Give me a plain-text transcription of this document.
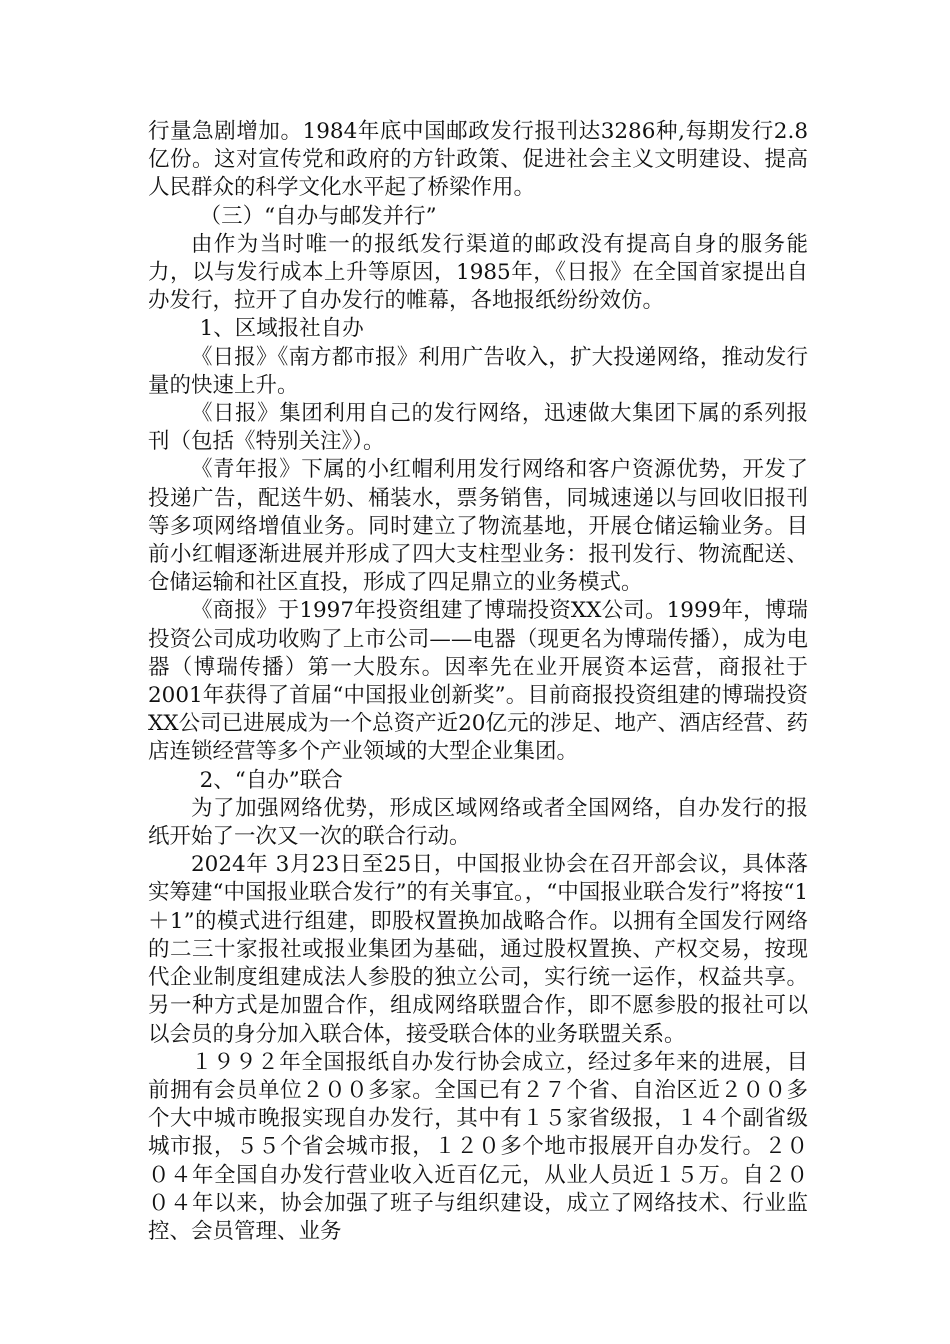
行量急剧增加。1984年底中国邮政发行报刊达3286种,每期发行2.8亿份。这对宣传党和政府的方针政策、促进社会主义文明建设、提高人民群众的科学文化水平起了桥梁作用。

（三）“自办与邮发并行”

由作为当时唯一的报纸发行渠道的邮政没有提高自身的服务能力，以与发行成本上升等原因，1985年，《日报》在全国首家提出自办发行，拉开了自办发行的帷幕，各地报纸纷纷效仿。

1、区域报社自办

《日报》《南方都市报》利用广告收入，扩大投递网络，推动发行量的快速上升。

《日报》集团利用自己的发行网络，迅速做大集团下属的系列报刊（包括《特别关注》）。

《青年报》下属的小红帽利用发行网络和客户资源优势，开发了投递广告，配送牛奶、桶装水，票务销售，同城速递以与回收旧报刊等多项网络增值业务。同时建立了物流基地，开展仓储运输业务。目前小红帽逐渐进展并形成了四大支柱型业务：报刊发行、物流配送、仓储运输和社区直投，形成了四足鼎立的业务模式。

《商报》于1997年投资组建了博瑞投资XX公司。1999年，博瑞投资公司成功收购了上市公司——电器（现更名为博瑞传播），成为电器（博瑞传播）第一大股东。因率先在业开展资本运营，商报社于2001年获得了首届“中国报业创新奖”。目前商报投资组建的博瑞投资XX公司已进展成为一个总资产近20亿元的涉足、地产、酒店经营、药店连锁经营等多个产业领域的大型企业集团。

2、“自办”联合

为了加强网络优势，形成区域网络或者全国网络，自办发行的报纸开始了一次又一次的联合行动。

2024年 3月23日至25日，中国报业协会在召开部会议，具体落实筹建“中国报业联合发行”的有关事宜。，“中国报业联合发行”将按“1＋1”的模式进行组建，即股权置换加战略合作。以拥有全国发行网络的二三十家报社或报业集团为基础，通过股权置换、产权交易，按现代企业制度组建成法人参股的独立公司，实行统一运作，权益共享。另一种方式是加盟合作，组成网络联盟合作，即不愿参股的报社可以以会员的身分加入联合体，接受联合体的业务联盟关系。

１９９２年全国报纸自办发行协会成立，经过多年来的进展，目前拥有会员单位２００多家。全国已有２７个省、自治区近２００多个大中城市晚报实现自办发行，其中有１５家省级报，１４个副省级城市报，５５个省会城市报，１２０多个地市报展开自办发行。２００４年全国自办发行营业收入近百亿元，从业人员近１５万。自２００４年以来，协会加强了班子与组织建设，成立了网络技术、行业监控、会员管理、业务
